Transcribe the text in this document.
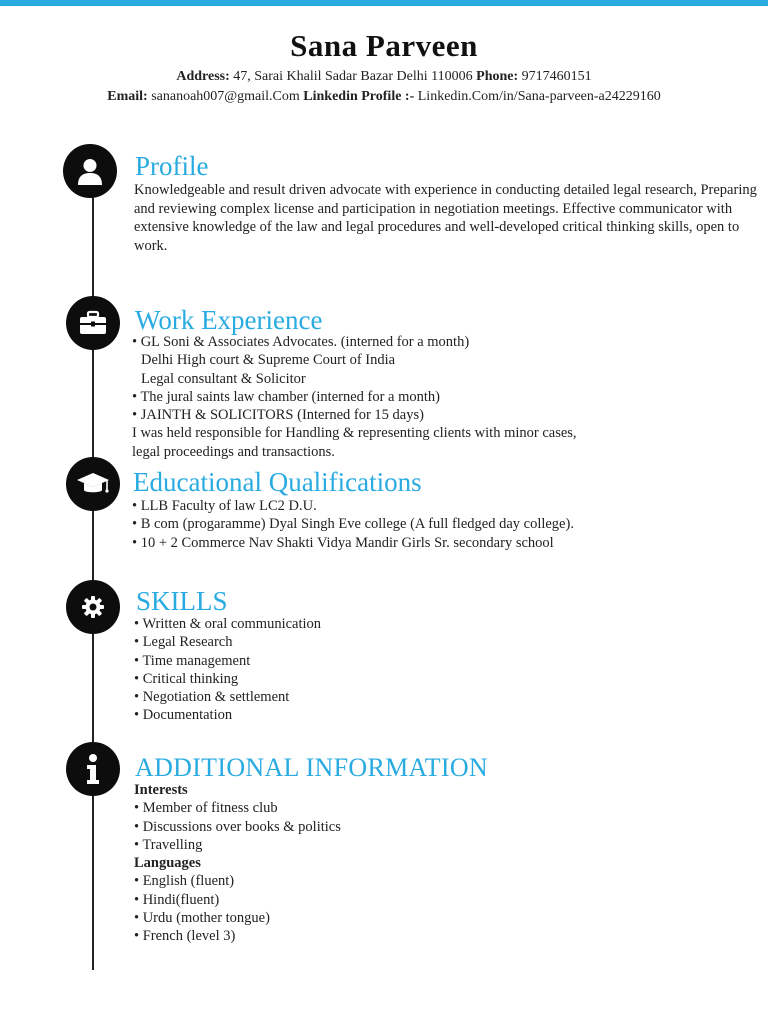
Sana Parveen
Address: 47, Sarai Khalil Sadar Bazar Delhi 110006 Phone: 9717460151
Email: sananoah007@gmail.Com Linkedin Profile :- Linkedin.Com/in/Sana-parveen-a24229160
Profile
Knowledgeable and result driven advocate with experience in conducting detailed legal research, Preparing and reviewing complex license and participation in negotiation meetings. Effective communicator with extensive knowledge of the law and legal procedures and well-developed critical thinking skills, open to work.
Work Experience
• GL Soni & Associates Advocates. (interned for a month)
Delhi High court & Supreme Court of India
Legal consultant & Solicitor
• The jural saints law chamber (interned for a month)
• JAINTH & SOLICITORS (Interned for 15 days)
I was held responsible for Handling & representing clients with minor cases,
legal proceedings and transactions.
Educational Qualifications
• LLB Faculty of law LC2 D.U.
• B com (progaramme) Dyal Singh Eve college (A full fledged day college).
• 10 + 2 Commerce Nav Shakti Vidya Mandir Girls Sr. secondary school
SKILLS
• Written & oral communication
• Legal Research
• Time management
• Critical thinking
• Negotiation & settlement
• Documentation
ADDITIONAL INFORMATION
Interests
• Member of fitness club
• Discussions over books & politics
• Travelling
Languages
• English (fluent)
• Hindi(fluent)
• Urdu (mother tongue)
• French (level 3)
